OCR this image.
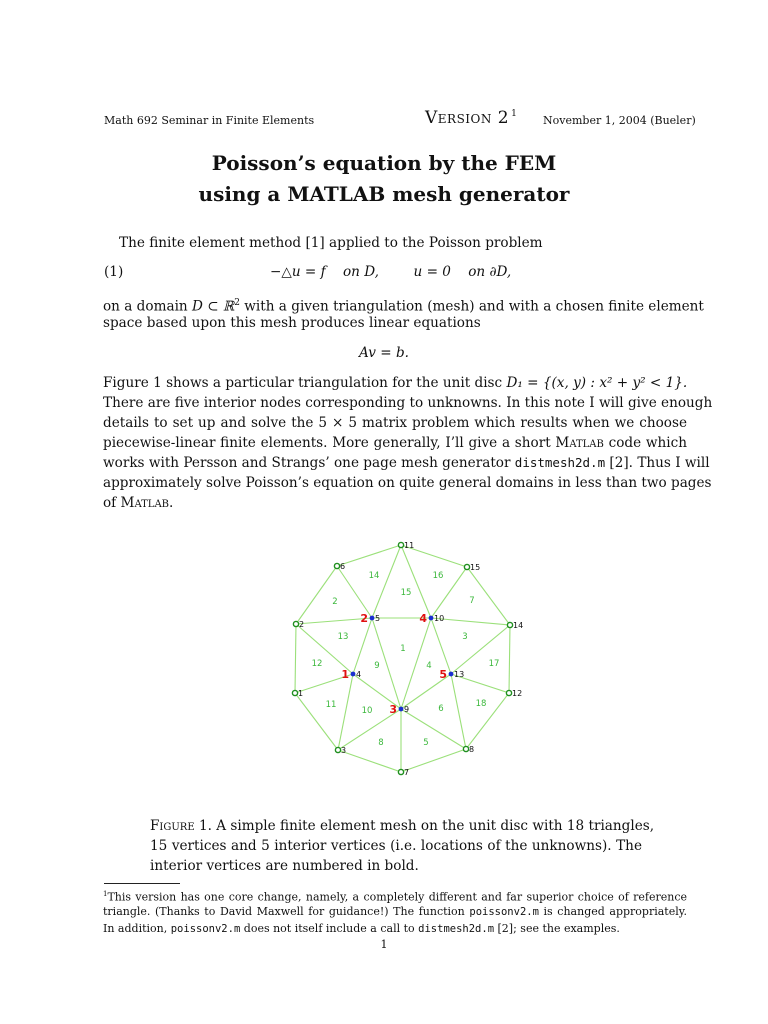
Math 692 Seminar in Finite Elements	Version 2 $^1$ November 1, 2004 (Bueler)
Poisson’s equation by the FEM
using a MATLAB mesh generator
The finite element method [1] applied to the Poisson problem
(1)	−△u = f    on D,        u = 0    on ∂D,
on a domain D ⊂ ℝ$^2$ with a given triangulation (mesh) and with a chosen finite element
space based upon this mesh produces linear equations
Av = b.
Figure 1 shows a particular triangulation for the unit disc D₁ = {(x, y) : x² + y² < 1}.
There are five interior nodes corresponding to unknowns. In this note I will give enough
details to set up and solve the 5 × 5 matrix problem which results when we choose
piecewise-linear finite elements. More generally, I’ll give a short Matlab code which
works with Persson and Strangs’ one page mesh generator distmesh2d.m [2]. Thus I will
approximately solve Poisson’s equation on quite general domains in less than two pages
of Matlab.
1
2
3
4
5
6
7
8
9
10
11
12
13
14
15
16
17
18
1
2
3
1 4
2 5
6
7
8
3 9
4 10
11
12
5 13
14
15
Figure 1. A simple finite element mesh on the unit disc with 18 triangles,
15 vertices and 5 interior vertices (i.e. locations of the unknowns). The
interior vertices are numbered in bold.
$^1$This version has one core change, namely, a completely different and far superior choice of reference
triangle. (Thanks to David Maxwell for guidance!) The function poissonv2.m is changed appropriately.
In addition, poissonv2.m does not itself include a call to distmesh2d.m [2]; see the examples.
1
